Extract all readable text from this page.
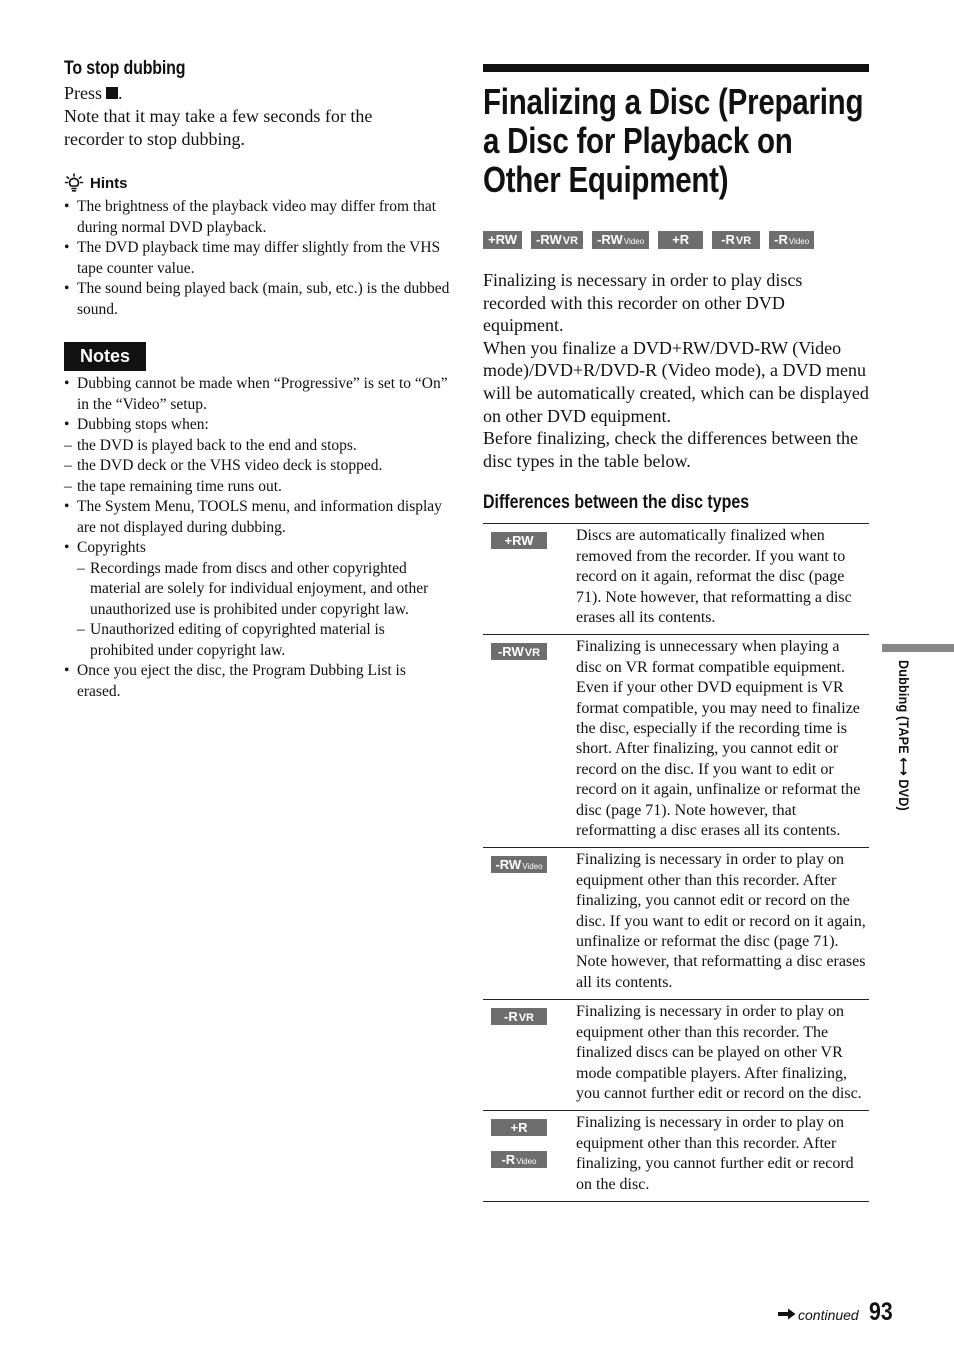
To stop dubbing

Press .

Note that it may take a few seconds for the

recorder to stop dubbing.

Hints
• The brightness of the playback video may differ from that during normal DVD playback.
• The DVD playback time may differ slightly from the VHS tape counter value.
• The sound being played back (main, sub, etc.) is the dubbed sound.
Notes
• Dubbing cannot be made when “Progressive” is set to “On” in the “Video” setup.
• Dubbing stops when:
– the DVD is played back to the end and stops.
– the DVD deck or the VHS video deck is stopped.
– the tape remaining time runs out.
• The System Menu, TOOLS menu, and information display are not displayed during dubbing.
• Copyrights
– Recordings made from discs and other copyrighted material are solely for individual enjoyment, and other unauthorized use is prohibited under copyright law.
– Unauthorized editing of copyrighted material is prohibited under copyright law.
• Once you eject the disc, the Program Dubbing List is erased.
Finalizing a Disc (Preparing a Disc for Playback on Other Equipment)
+RW -RW VR -RW Video +R -R VR -R Video

Finalizing is necessary in order to play discs recorded with this recorder on other DVD equipment.

When you finalize a DVD+RW/DVD-RW (Video mode)/DVD+R/DVD-R (Video mode), a DVD menu will be automatically created, which can be displayed on other DVD equipment.

Before finalizing, check the differences between the disc types in the table below.

Differences between the disc types
+RW	Discs are automatically finalized when removed from the recorder. If you want to record on it again, reformat the disc (page 71). Note however, that reformatting a disc erases all its contents.

-RW VR	Finalizing is unnecessary when playing a disc on VR format compatible equipment. Even if your other DVD equipment is VR format compatible, you may need to finalize the disc, especially if the recording time is short. After finalizing, you cannot edit or record on the disc. If you want to edit or record on it again, unfinalize or reformat the disc (page 71). Note however, that reformatting a disc erases all its contents.

-RW Video	Finalizing is necessary in order to play on equipment other than this recorder. After finalizing, you cannot edit or record on the disc. If you want to edit or record on it again, unfinalize or reformat the disc (page 71). Note however, that reformatting a disc erases all its contents.

-R VR	Finalizing is necessary in order to play on equipment other than this recorder. The finalized discs can be played on other VR mode compatible players. After finalizing, you cannot further edit or record on the disc.

+R
-R Video	Finalizing is necessary in order to play on equipment other than this recorder. After finalizing, you cannot further edit or record on the disc.
Dubbing (TAPE ⟷ DVD)
continued 93
